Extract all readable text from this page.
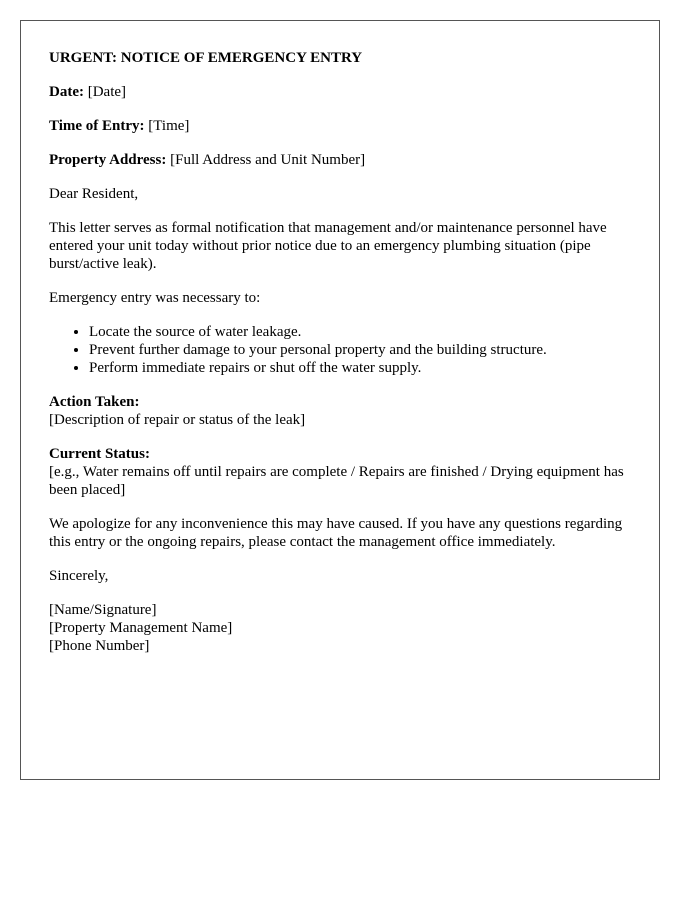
URGENT: NOTICE OF EMERGENCY ENTRY

Date: [Date]

Time of Entry: [Time]

Property Address: [Full Address and Unit Number]

Dear Resident,

This letter serves as formal notification that management and/or maintenance personnel have entered your unit today without prior notice due to an emergency plumbing situation (pipe burst/active leak).

Emergency entry was necessary to:

• Locate the source of water leakage.
• Prevent further damage to your personal property and the building structure.
• Perform immediate repairs or shut off the water supply.

Action Taken:
[Description of repair or status of the leak]

Current Status:
[e.g., Water remains off until repairs are complete / Repairs are finished / Drying equipment has been placed]

We apologize for any inconvenience this may have caused. If you have any questions regarding this entry or the ongoing repairs, please contact the management office immediately.

Sincerely,

[Name/Signature]
[Property Management Name]
[Phone Number]
